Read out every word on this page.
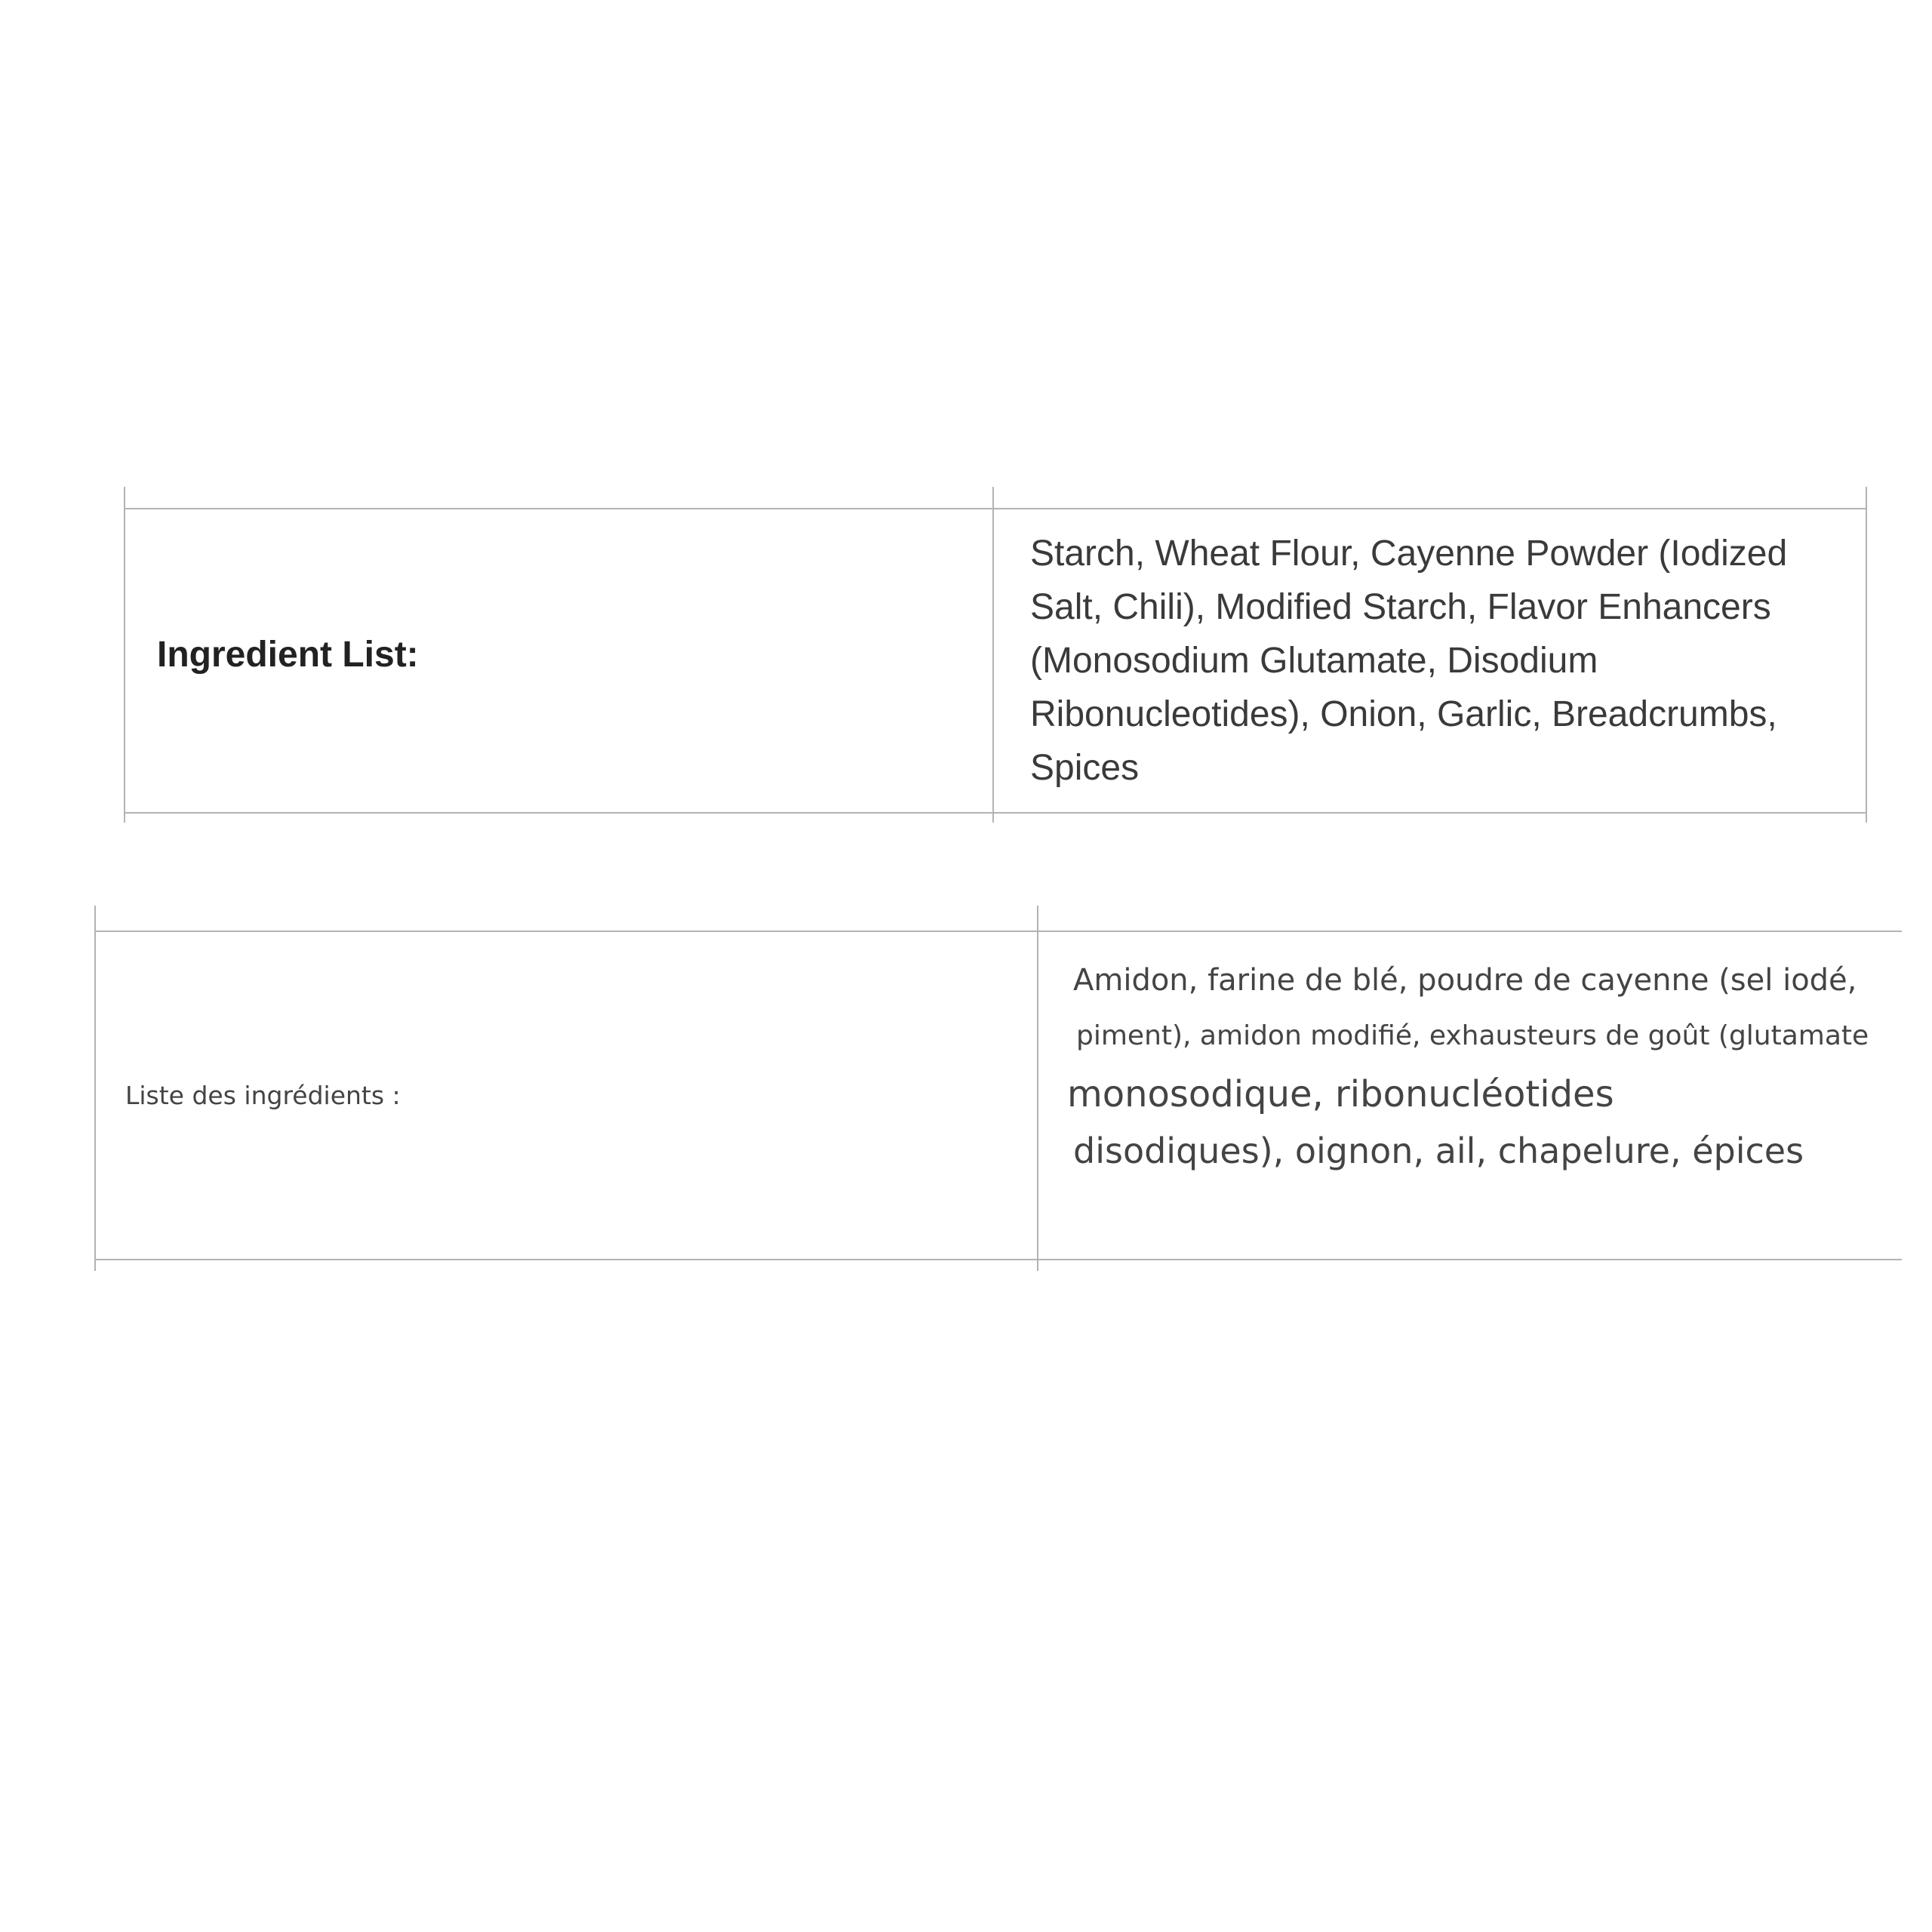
Ingredient List:
Starch, Wheat Flour, Cayenne Powder (Iodized
Salt, Chili), Modified Starch, Flavor Enhancers
(Monosodium Glutamate, Disodium
Ribonucleotides), Onion, Garlic, Breadcrumbs,
Spices
Liste des ingrédients :
Amidon, farine de blé, poudre de cayenne (sel iodé,
piment), amidon modifié, exhausteurs de goût (glutamate
monosodique, ribonucléotides
disodiques), oignon, ail, chapelure, épices
